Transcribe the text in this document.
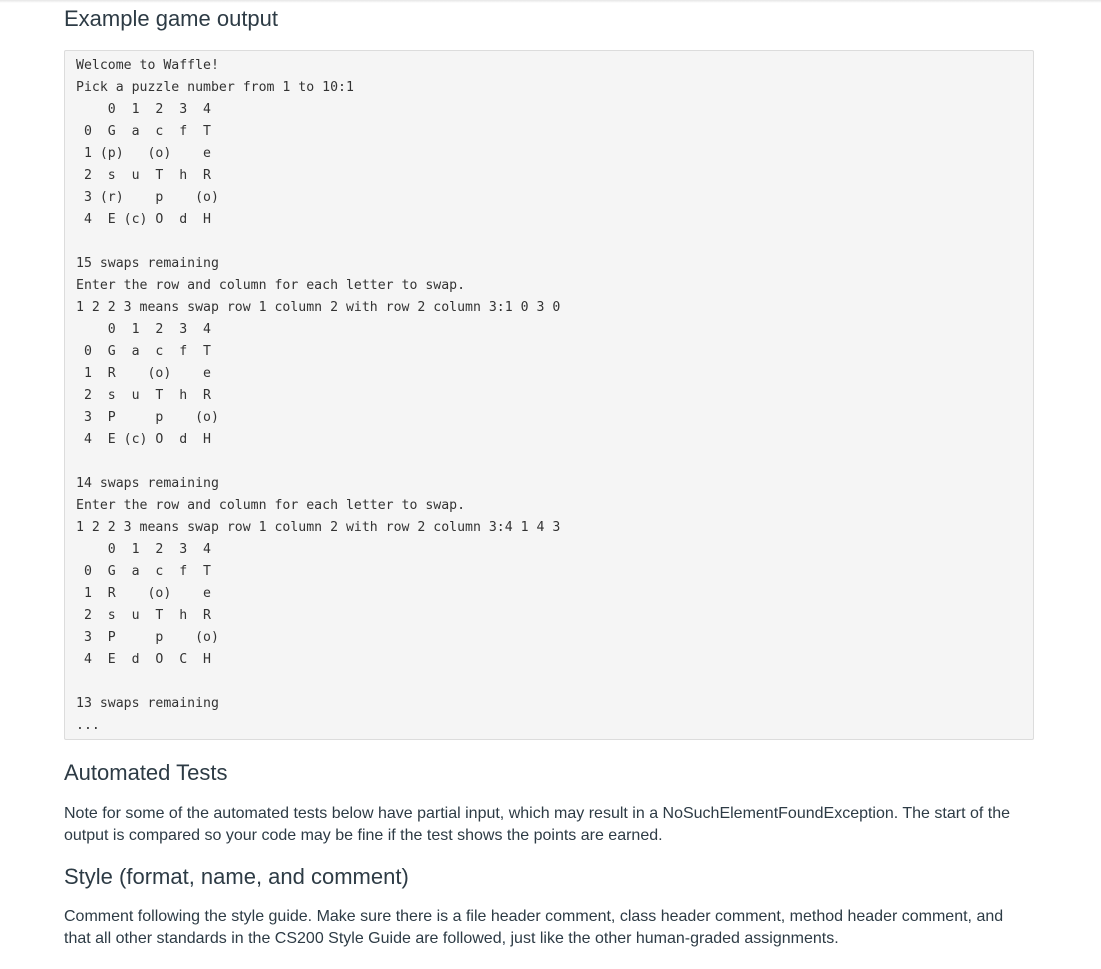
Example game output
Welcome to Waffle!
Pick a puzzle number from 1 to 10:1
0  1  2  3  4
0  G  a  c  f  T
1 (p)   (o)    e
2  s  u  T  h  R
3 (r)    p    (o)
4  E (c) O  d  H
15 swaps remaining
Enter the row and column for each letter to swap.
1 2 2 3 means swap row 1 column 2 with row 2 column 3:1 0 3 0
0  1  2  3  4
0  G  a  c  f  T
1  R    (o)    e
2  s  u  T  h  R
3  P     p    (o)
4  E (c) O  d  H
14 swaps remaining
Enter the row and column for each letter to swap.
1 2 2 3 means swap row 1 column 2 with row 2 column 3:4 1 4 3
0  1  2  3  4
0  G  a  c  f  T
1  R    (o)    e
2  s  u  T  h  R
3  P     p    (o)
4  E  d  O  C  H
13 swaps remaining
...
Automated Tests

Note for some of the automated tests below have partial input, which may result in a NoSuchElementFoundException. The start of the output is compared so your code may be fine if the test shows the points are earned.

Style (format, name, and comment)

Comment following the style guide. Make sure there is a file header comment, class header comment, method header comment, and that all other standards in the CS200 Style Guide are followed, just like the other human-graded assignments.
